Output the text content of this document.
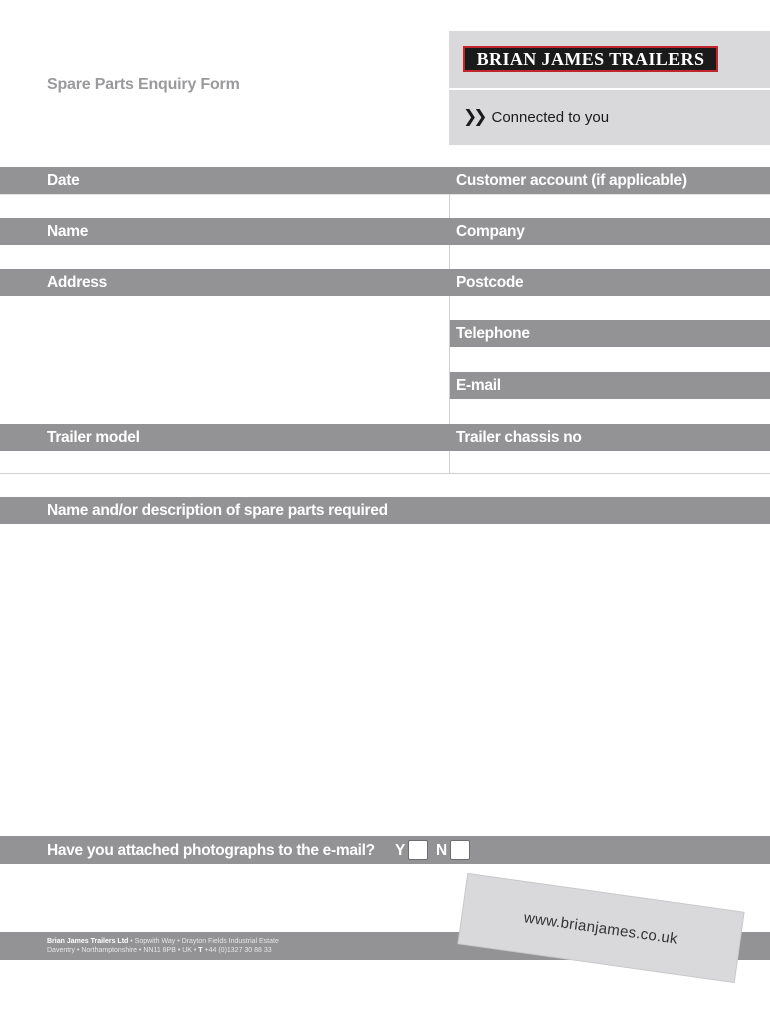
Spare Parts Enquiry Form
BRIAN JAMES TRAILERS
❯❯ Connected to you
Date	Customer account (if applicable)
Name	Company
Address	Postcode
Telephone
E-mail
Trailer model	Trailer chassis no
Name and/or description of spare parts required
Have you attached photographs to the e-mail? Y N
Brian James Trailers Ltd • Sopwith Way • Drayton Fields Industrial Estate
Daventry • Northamptonshire • NN11 8PB • UK • T +44 (0)1327 30 88 33
www.brianjames.co.uk
